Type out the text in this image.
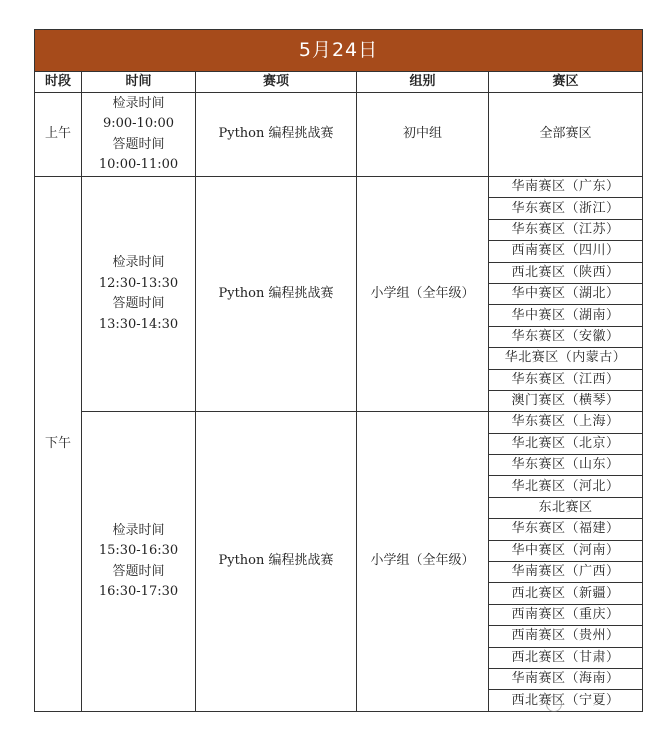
5月24日				
时段	时间	赛项	组别	赛区
上午	检录时间
9:00-10:00
答题时间
10:00-11:00	Python 编程挑战赛	初中组	全部赛区
下午	检录时间
12:30-13:30
答题时间
13:30-14:30	Python 编程挑战赛	小学组（全年级）	华南赛区（广东）
				华东赛区（浙江）
				华东赛区（江苏）
				西南赛区（四川）
				西北赛区（陕西）
				华中赛区（湖北）
				华中赛区（湖南）
				华东赛区（安徽）
				华北赛区（内蒙古）
				华东赛区（江西）
				澳门赛区（横琴）

	检录时间
15:30-16:30
答题时间
16:30-17:30	Python 编程挑战赛	小学组（全年级）	华东赛区（上海）
				华北赛区（北京）
				华东赛区（山东）
				华北赛区（河北）
				东北赛区
				华东赛区（福建）
				华中赛区（河南）
				华南赛区（广西）
				西北赛区（新疆）
				西南赛区（重庆）
				西南赛区（贵州）
				西北赛区（甘肃）
				华南赛区（海南）
				西北赛区（宁夏）
